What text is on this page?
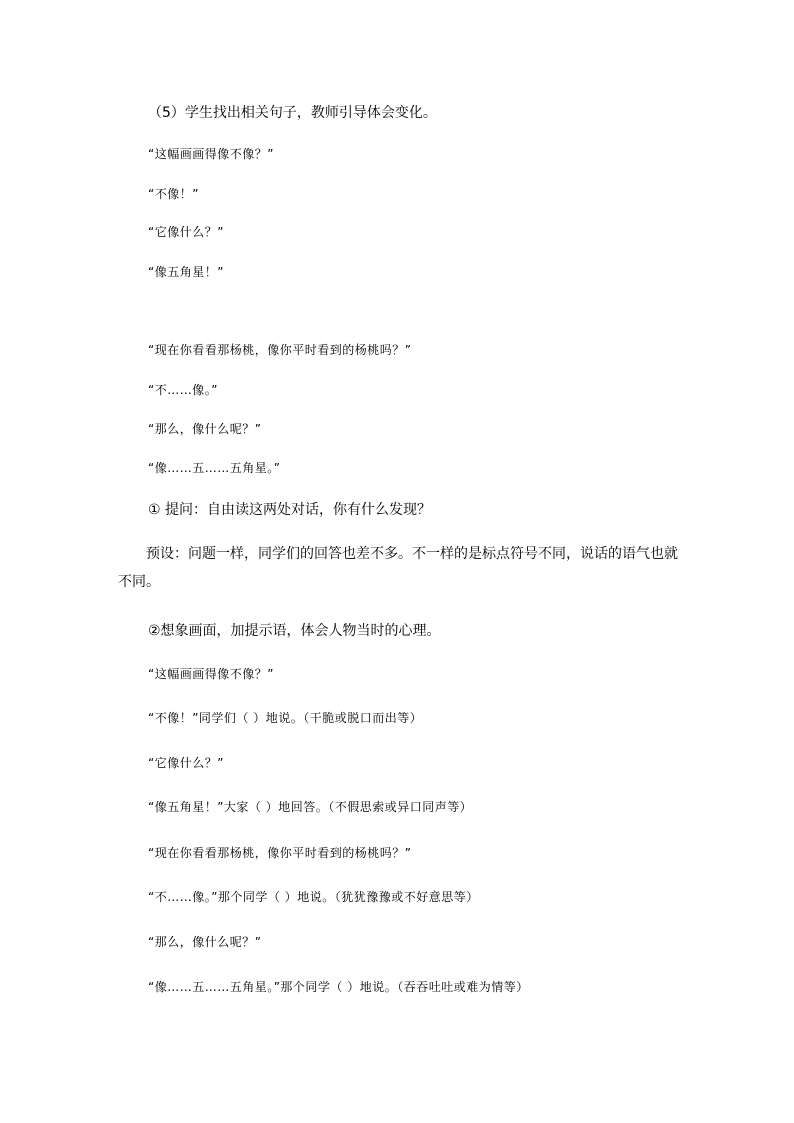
（5）学生找出相关句子，教师引导体会变化。
“这幅画画得像不像？”
“不像！”
“它像什么？”
“像五角星！”
“现在你看看那杨桃，像你平时看到的杨桃吗？”
“不……像。”
“那么，像什么呢？”
“像……五……五角星。”
① 提问：自由读这两处对话，你有什么发现？
预设：问题一样，同学们的回答也差不多。不一样的是标点符号不同，说话的语气也就不同。
②想象画面，加提示语，体会人物当时的心理。
“这幅画画得像不像？”
“不像！”同学们（ ）地说。（干脆或脱口而出等）
“它像什么？”
“像五角星！”大家（ ）地回答。（不假思索或异口同声等）
“现在你看看那杨桃，像你平时看到的杨桃吗？”
“不……像。”那个同学（ ）地说。（犹犹豫豫或不好意思等）
“那么，像什么呢？”
“像……五……五角星。”那个同学（ ）地说。（吞吞吐吐或难为情等）
